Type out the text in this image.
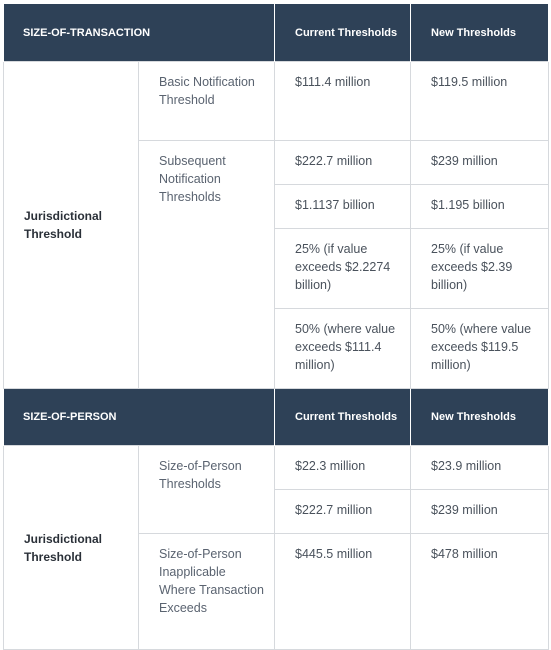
SIZE-OF-TRANSACTION		Current Thresholds	New Thresholds
Jurisdictional Threshold	Basic Notification Threshold	$111.4 million	$119.5 million
	Subsequent Notification Thresholds	$222.7 million	$239 million
		$1.1137 billion	$1.195 billion
		25% (if value exceeds $2.2274 billion)	25% (if value exceeds $2.39 billion)
		50% (where value exceeds $111.4 million)	50% (where value exceeds $119.5 million)
SIZE-OF-PERSON		Current Thresholds	New Thresholds
Jurisdictional Threshold	Size-of-Person Thresholds	$22.3 million	$23.9 million
		$222.7 million	$239 million
	Size-of-Person Inapplicable Where Transaction Exceeds	$445.5 million	$478 million
